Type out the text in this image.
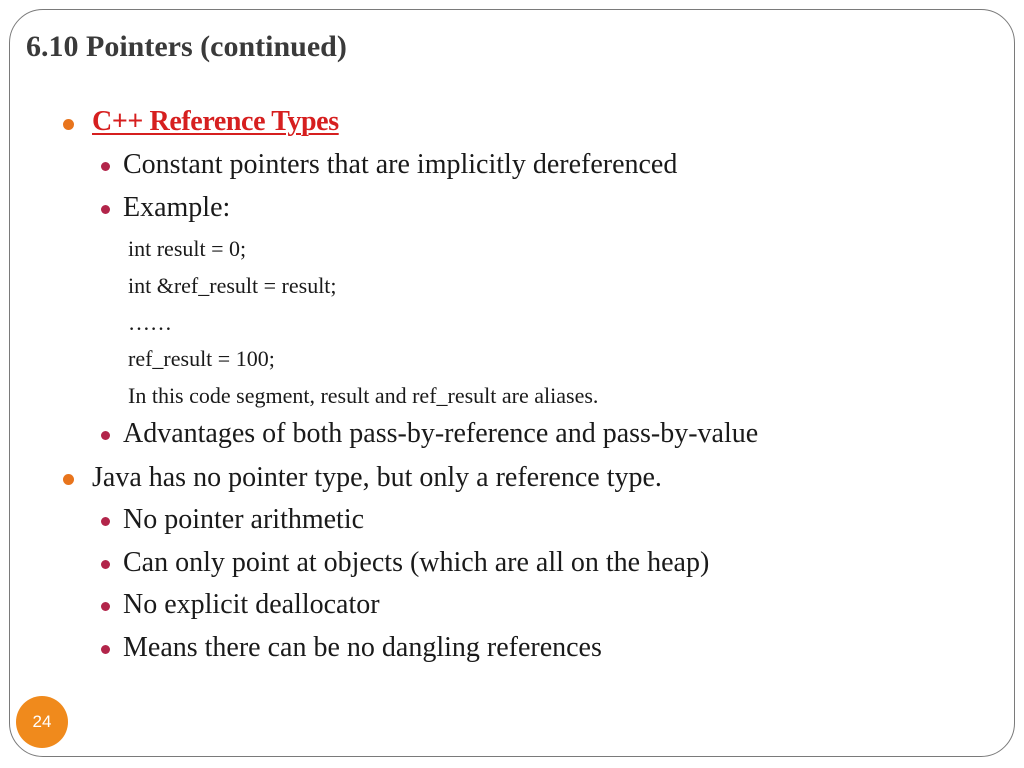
6.10 Pointers (continued)
C++ Reference Types
Constant pointers that are implicitly dereferenced
Example:
int result = 0;
int &ref_result = result;
……
ref_result = 100;
In this code segment, result and ref_result are aliases.
Advantages of both pass-by-reference and pass-by-value
Java has no pointer type, but only a reference type.
No pointer arithmetic
Can only point at objects (which are all on the heap)
No explicit deallocator
Means there can be no dangling references
24
